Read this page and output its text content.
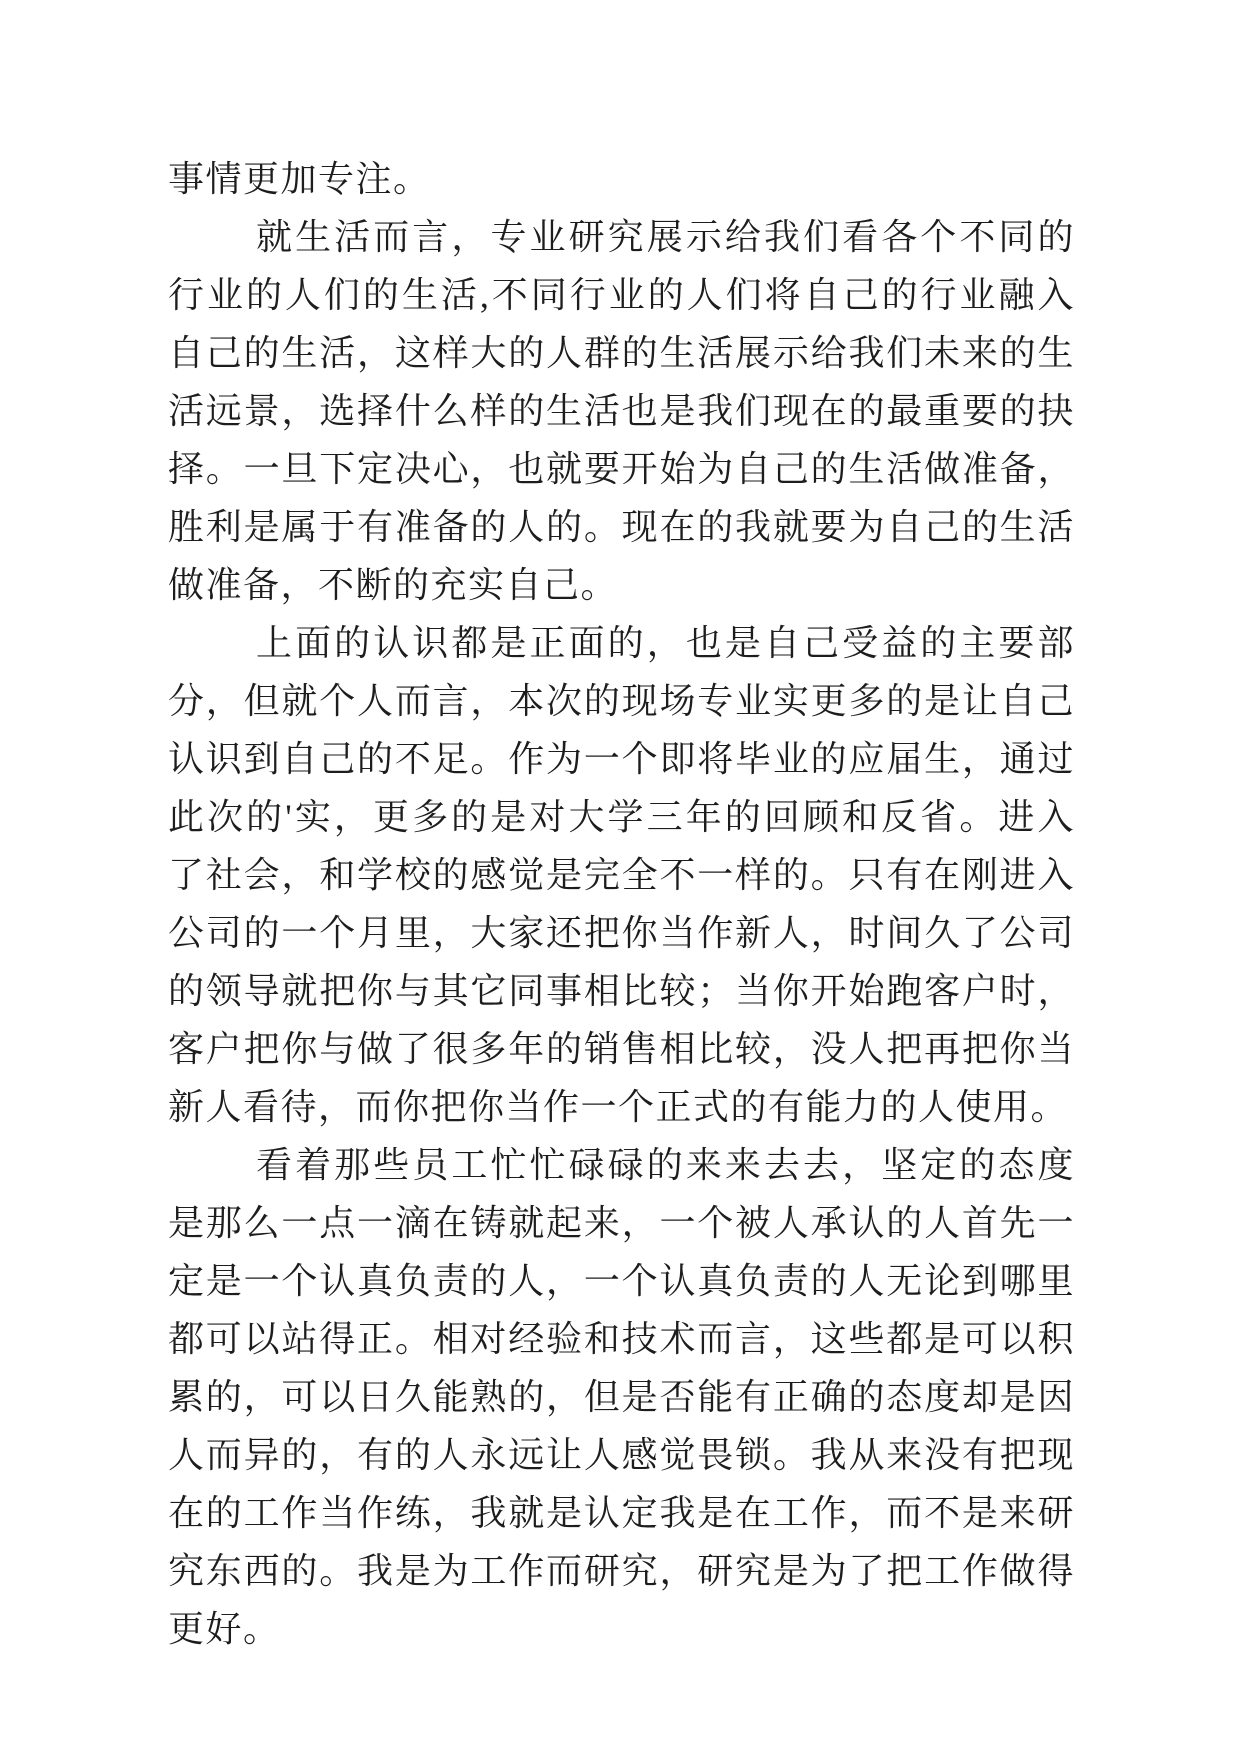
事情更加专注。

就生活而言，专业研究展示给我们看各个不同的行业的人们的生活,不同行业的人们将自己的行业融入自己的生活，这样大的人群的生活展示给我们未来的生活远景，选择什么样的生活也是我们现在的最重要的抉择。一旦下定决心，也就要开始为自己的生活做准备，胜利是属于有准备的人的。现在的我就要为自己的生活做准备，不断的充实自己。

上面的认识都是正面的，也是自己受益的主要部分，但就个人而言，本次的现场专业实更多的是让自己认识到自己的不足。作为一个即将毕业的应届生，通过此次的'实，更多的是对大学三年的回顾和反省。进入了社会，和学校的感觉是完全不一样的。只有在刚进入公司的一个月里，大家还把你当作新人，时间久了公司的领导就把你与其它同事相比较；当你开始跑客户时，客户把你与做了很多年的销售相比较，没人把再把你当新人看待，而你把你当作一个正式的有能力的人使用。

看着那些员工忙忙碌碌的来来去去，坚定的态度是那么一点一滴在铸就起来，一个被人承认的人首先一定是一个认真负责的人，一个认真负责的人无论到哪里都可以站得正。相对经验和技术而言，这些都是可以积累的，可以日久能熟的，但是否能有正确的态度却是因人而异的，有的人永远让人感觉畏锁。我从来没有把现在的工作当作练，我就是认定我是在工作，而不是来研究东西的。我是为工作而研究，研究是为了把工作做得更好。
